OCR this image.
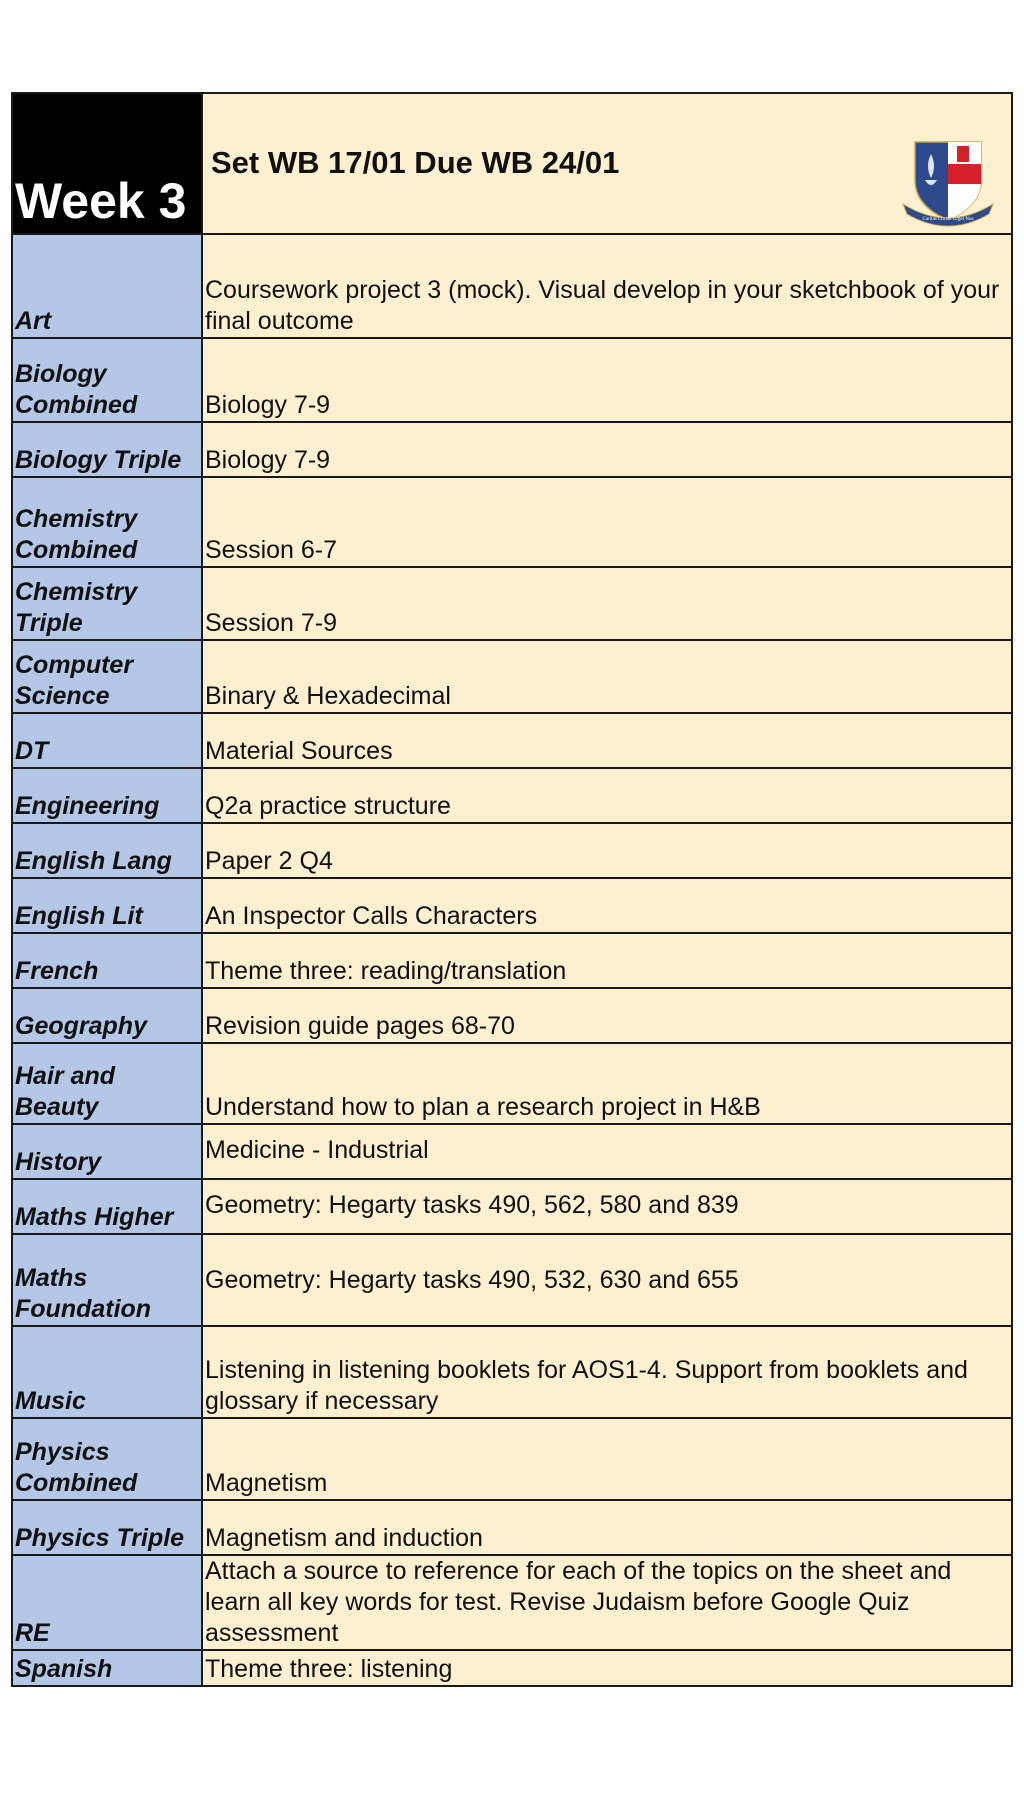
Week 3	Set WB 17/01 Due WB 24/01
Caritas Christi Urget Nos

Art	Coursework project 3 (mock). Visual develop in your sketchbook of your final outcome
Biology Combined	Biology 7-9
Biology Triple	Biology 7-9
Chemistry Combined	Session 6-7
Chemistry Triple	Session 7-9
Computer Science	Binary & Hexadecimal
DT	Material Sources
Engineering	Q2a practice structure
English Lang	Paper 2 Q4
English Lit	An Inspector Calls Characters
French	Theme three: reading/translation
Geography	Revision guide pages 68-70
Hair and Beauty	Understand how to plan a research project in H&B
History	Medicine - Industrial
Maths Higher	Geometry: Hegarty tasks 490, 562, 580 and 839
Maths Foundation	Geometry: Hegarty tasks 490, 532, 630 and 655
Music	Listening in listening booklets for AOS1-4. Support from booklets and glossary if necessary
Physics Combined	Magnetism
Physics Triple	Magnetism and induction
RE	Attach a source to reference for each of the topics on the sheet and learn all key words for test. Revise Judaism before Google Quiz assessment
Spanish	Theme three: listening
